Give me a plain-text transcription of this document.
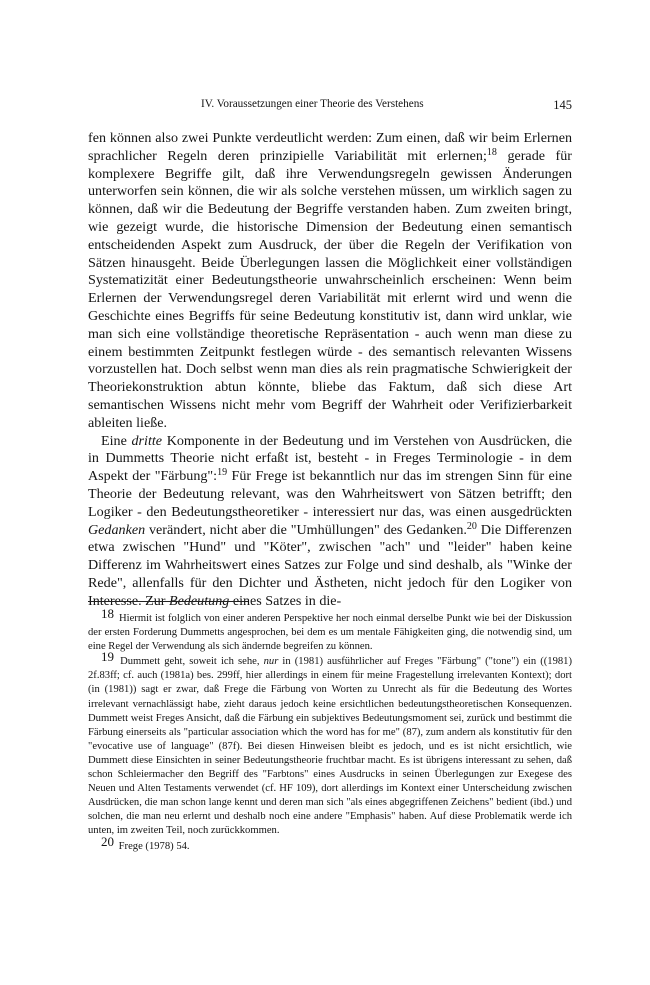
IV. Voraussetzungen einer Theorie des Verstehens	145

fen können also zwei Punkte verdeutlicht werden: Zum einen, daß wir beim Erlernen sprachlicher Regeln deren prinzipielle Variabilität mit erlernen;$^{18}$ gerade für komplexere Begriffe gilt, daß ihre Verwendungsregeln gewissen Änderungen unterworfen sein können, die wir als solche verstehen müssen, um wirklich sagen zu können, daß wir die Bedeutung der Begriffe verstanden haben. Zum zweiten bringt, wie gezeigt wurde, die historische Dimension der Bedeutung einen semantisch entscheidenden Aspekt zum Ausdruck, der über die Regeln der Verifikation von Sätzen hinausgeht. Beide Überlegungen lassen die Möglichkeit einer vollständigen Systematizität einer Bedeutungstheorie unwahrscheinlich erscheinen: Wenn beim Erlernen der Verwendungsregel deren Variabilität mit erlernt wird und wenn die Geschichte eines Begriffs für seine Bedeutung konstitutiv ist, dann wird unklar, wie man sich eine vollständige theoretische Repräsentation - auch wenn man diese zu einem bestimmten Zeitpunkt festlegen würde - des semantisch relevanten Wissens vorzustellen hat. Doch selbst wenn man dies als rein pragmatische Schwierigkeit der Theoriekonstruktion abtun könnte, bliebe das Faktum, daß sich diese Art semantischen Wissens nicht mehr vom Begriff der Wahrheit oder Verifizierbarkeit ableiten ließe.

Eine dritte Komponente in der Bedeutung und im Verstehen von Ausdrücken, die in Dummetts Theorie nicht erfaßt ist, besteht - in Freges Terminologie - in dem Aspekt der "Färbung":$^{19}$ Für Frege ist bekanntlich nur das im strengen Sinn für eine Theorie der Bedeutung relevant, was den Wahrheitswert von Sätzen betrifft; den Logiker - den Bedeutungstheoretiker - interessiert nur das, was einen ausgedrückten Gedanken verändert, nicht aber die "Umhüllungen" des Gedanken.$^{20}$ Die Differenzen etwa zwischen "Hund" und "Köter", zwischen "ach" und "leider" haben keine Differenz im Wahrheitswert eines Satzes zur Folge und sind deshalb, als "Winke der Rede", allenfalls für den Dichter und Ästheten, nicht jedoch für den Logiker von Interesse. Zur Bedeutung eines Satzes in die-

18 Hiermit ist folglich von einer anderen Perspektive her noch einmal derselbe Punkt wie bei der Diskussion der ersten Forderung Dummetts angesprochen, bei dem es um mentale Fähigkeiten ging, die notwendig sind, um eine Regel der Verwendung als sich ändernde begreifen zu können.

19 Dummett geht, soweit ich sehe, nur in (1981) ausführlicher auf Freges "Färbung" ("tone") ein ((1981) 2f.83ff; cf. auch (1981a) bes. 299ff, hier allerdings in einem für meine Fragestellung irrelevanten Kontext); dort (in (1981)) sagt er zwar, daß Frege die Färbung von Worten zu Unrecht als für die Bedeutung des Wortes irrelevant vernachlässigt habe, zieht daraus jedoch keine ersichtlichen bedeutungstheoretischen Konsequenzen. Dummett weist Freges Ansicht, daß die Färbung ein subjektives Bedeutungsmoment sei, zurück und bestimmt die Färbung einerseits als "particular association which the word has for me" (87), zum andern als konstitutiv für den "evocative use of language" (87f). Bei diesen Hinweisen bleibt es jedoch, und es ist nicht ersichtlich, wie Dummett diese Einsichten in seiner Bedeutungstheorie fruchtbar macht. Es ist übrigens interessant zu sehen, daß schon Schleiermacher den Begriff des "Farbtons" eines Ausdrucks in seinen Überlegungen zur Exegese des Neuen und Alten Testaments verwendet (cf. HF 109), dort allerdings im Kontext einer Unterscheidung zwischen Ausdrücken, die man schon lange kennt und deren man sich "als eines abgegriffenen Zeichens" bedient (ibd.) und solchen, die man neu erlernt und deshalb noch eine andere "Emphasis" haben. Auf diese Problematik werde ich unten, im zweiten Teil, noch zurückkommen.

20 Frege (1978) 54.
